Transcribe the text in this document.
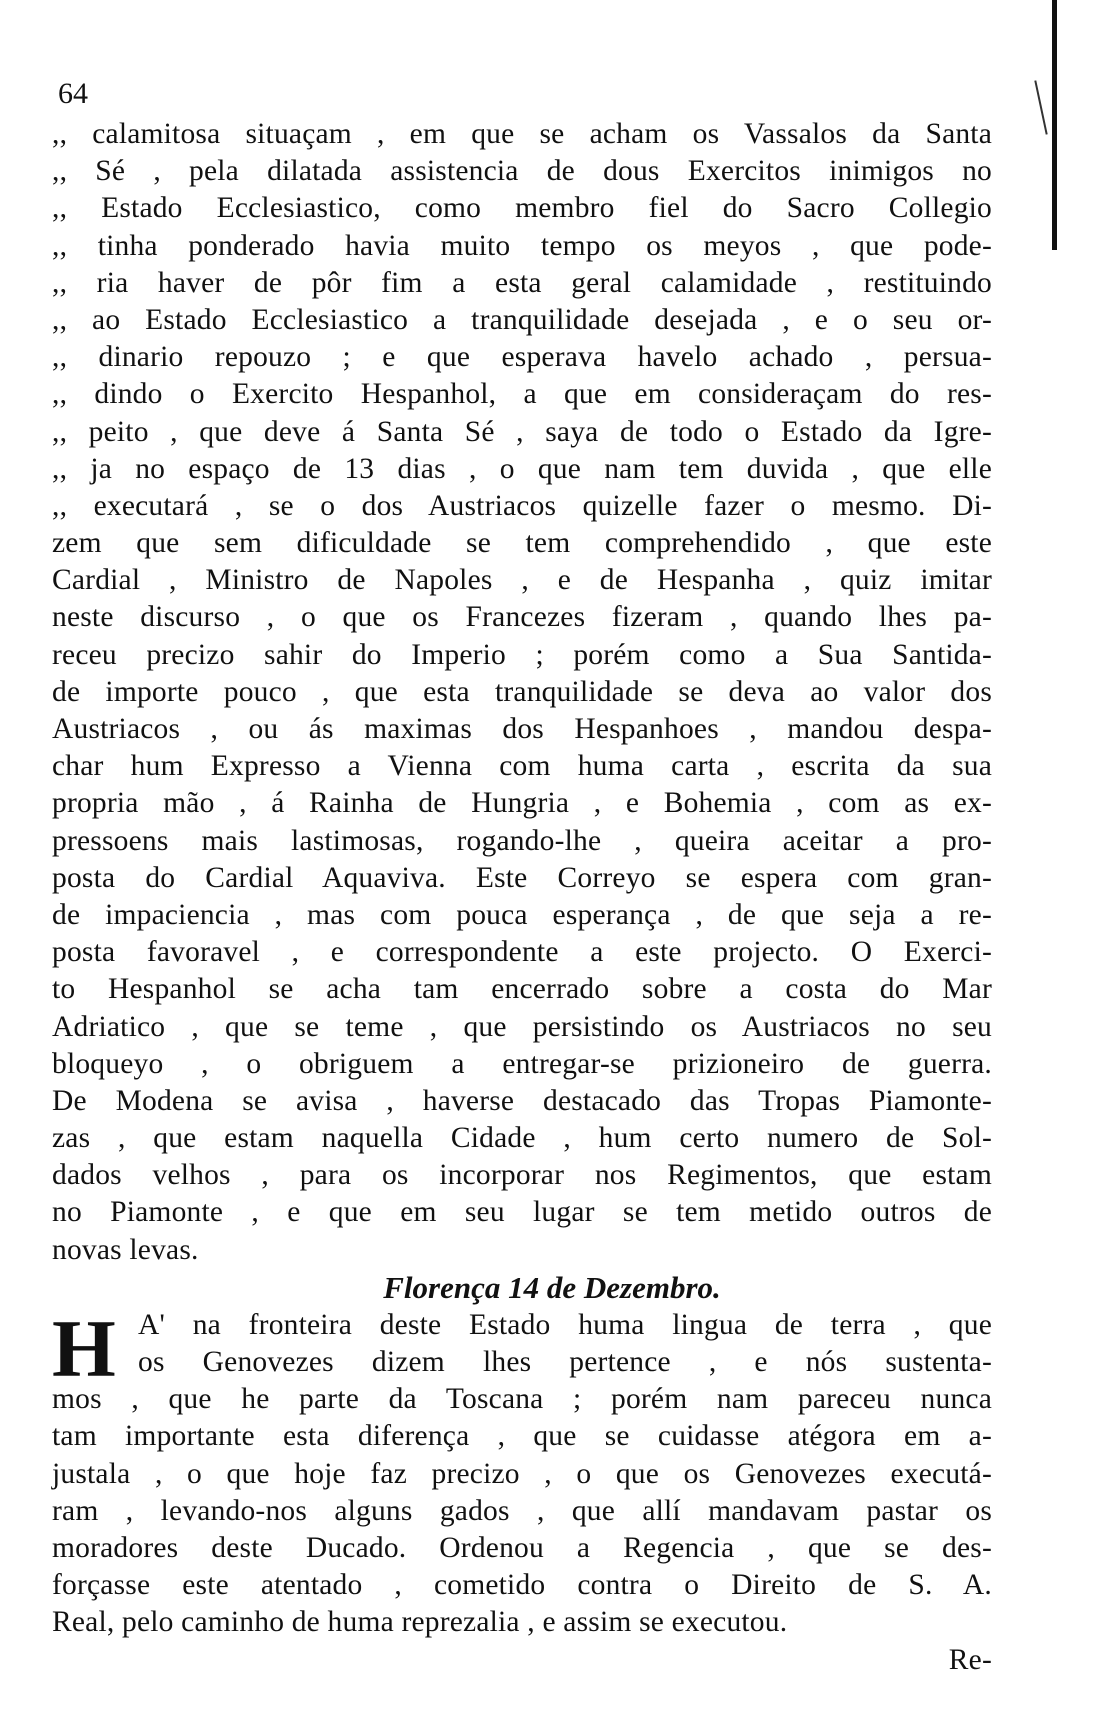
64
,, calamitosa situaçam , em que se acham os Vassalos da Santa
,, Sé , pela dilatada assistencia de dous Exercitos inimigos no
,, Estado Ecclesiastico, como membro fiel do Sacro Collegio
,, tinha ponderado havia muito tempo os meyos , que pode-
,, ria haver de pôr fim a esta geral calamidade , restituindo
,, ao Estado Ecclesiastico a tranquilidade desejada , e o seu or-
,, dinario repouzo ; e que esperava havelo achado , persua-
,, dindo o Exercito Hespanhol, a que em consideraçam do res-
,, peito , que deve á Santa Sé , saya de todo o Estado da Igre-
,, ja no espaço de 13 dias , o que nam tem duvida , que elle
,, executará , se o dos Austriacos quizelle fazer o mesmo. Di-
zem que sem dificuldade se tem comprehendido , que este
Cardial , Ministro de Napoles , e de Hespanha , quiz imitar
neste discurso , o que os Francezes fizeram , quando lhes pa-
receu precizo sahir do Imperio ; porém como a Sua Santida-
de importe pouco , que esta tranquilidade se deva ao valor dos
Austriacos , ou ás maximas dos Hespanhoes , mandou despa-
char hum Expresso a Vienna com huma carta , escrita da sua
propria mão , á Rainha de Hungria , e Bohemia , com as ex-
pressoens mais lastimosas, rogando-lhe , queira aceitar a pro-
posta do Cardial Aquaviva. Este Correyo se espera com gran-
de impaciencia , mas com pouca esperança , de que seja a re-
posta favoravel , e correspondente a este projecto. O Exerci-
to Hespanhol se acha tam encerrado sobre a costa do Mar
Adriatico , que se teme , que persistindo os Austriacos no seu
bloqueyo , o obriguem a entregar-se prizioneiro de guerra.
De Modena se avisa , haverse destacado das Tropas Piamonte-
zas , que estam naquella Cidade , hum certo numero de Sol-
dados velhos , para os incorporar nos Regimentos, que estam
no Piamonte , e que em seu lugar se tem metido outros de
novas levas.
Florença 14 de Dezembro.
H A' na fronteira deste Estado huma lingua de terra , que
os Genovezes dizem lhes pertence , e nós sustenta-
mos , que he parte da Toscana ; porém nam pareceu nunca
tam importante esta diferença , que se cuidasse atégora em a-
justala , o que hoje faz precizo , o que os Genovezes executá-
ram , levando-nos alguns gados , que allí mandavam pastar os
moradores deste Ducado. Ordenou a Regencia , que se des-
forçasse este atentado , cometido contra o Direito de S. A.
Real, pelo caminho de huma reprezalia , e assim se executou.
Re-
